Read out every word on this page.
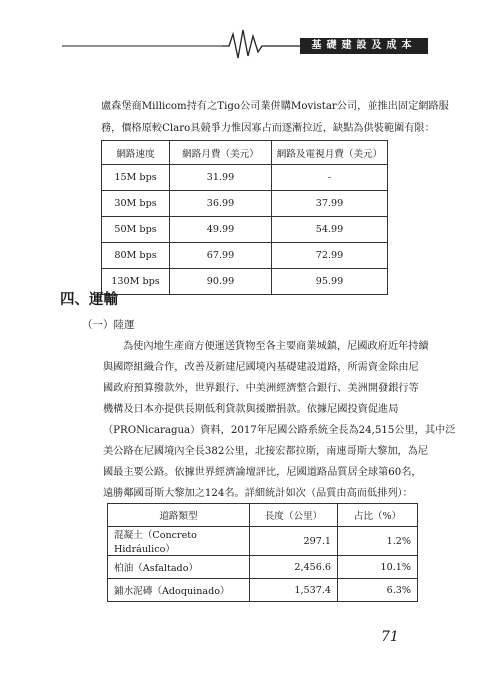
基礎建設及成本
盧森堡商Millicom持有之Tigo公司業併購Movistar公司，並推出固定網路服
務，價格原較Claro具競爭力惟因寡占而逐漸拉近，缺點為供裝範圍有限：
網路速度	網路月費（美元）	網路及電視月費（美元）
15M bps	31.99	-
30M bps	36.99	37.99
50M bps	49.99	54.99
80M bps	67.99	72.99
130M bps	90.99	95.99
四、運輸
（一）陸運
為使內地生產商方便運送貨物至各主要商業城鎮，尼國政府近年持續
與國際組織合作，改善及新建尼國境內基礎建設道路，所需資金除由尼
國政府預算撥款外，世界銀行、中美洲經濟整合銀行、美洲開發銀行等
機構及日本亦提供長期低利貸款與援贈捐款。依據尼國投資促進局
（PRONicaragua）資料，2017年尼國公路系統全長為24,515公里，其中泛
美公路在尼國境內全長382公里，北接宏都拉斯，南連哥斯大黎加，為尼
國最主要公路。依據世界經濟論壇評比，尼國道路品質居全球第60名，
遠勝鄰國哥斯大黎加之124名。詳細統計如次（品質由高而低排列）：
道路類型	長度（公里）	占比（%）
混凝土（Concreto Hidráulico）	297.1	1.2%
柏油（Asfaltado）	2,456.6	10.1%
鋪水泥磚（Adoquinado）	1,537.4	6.3%
71
